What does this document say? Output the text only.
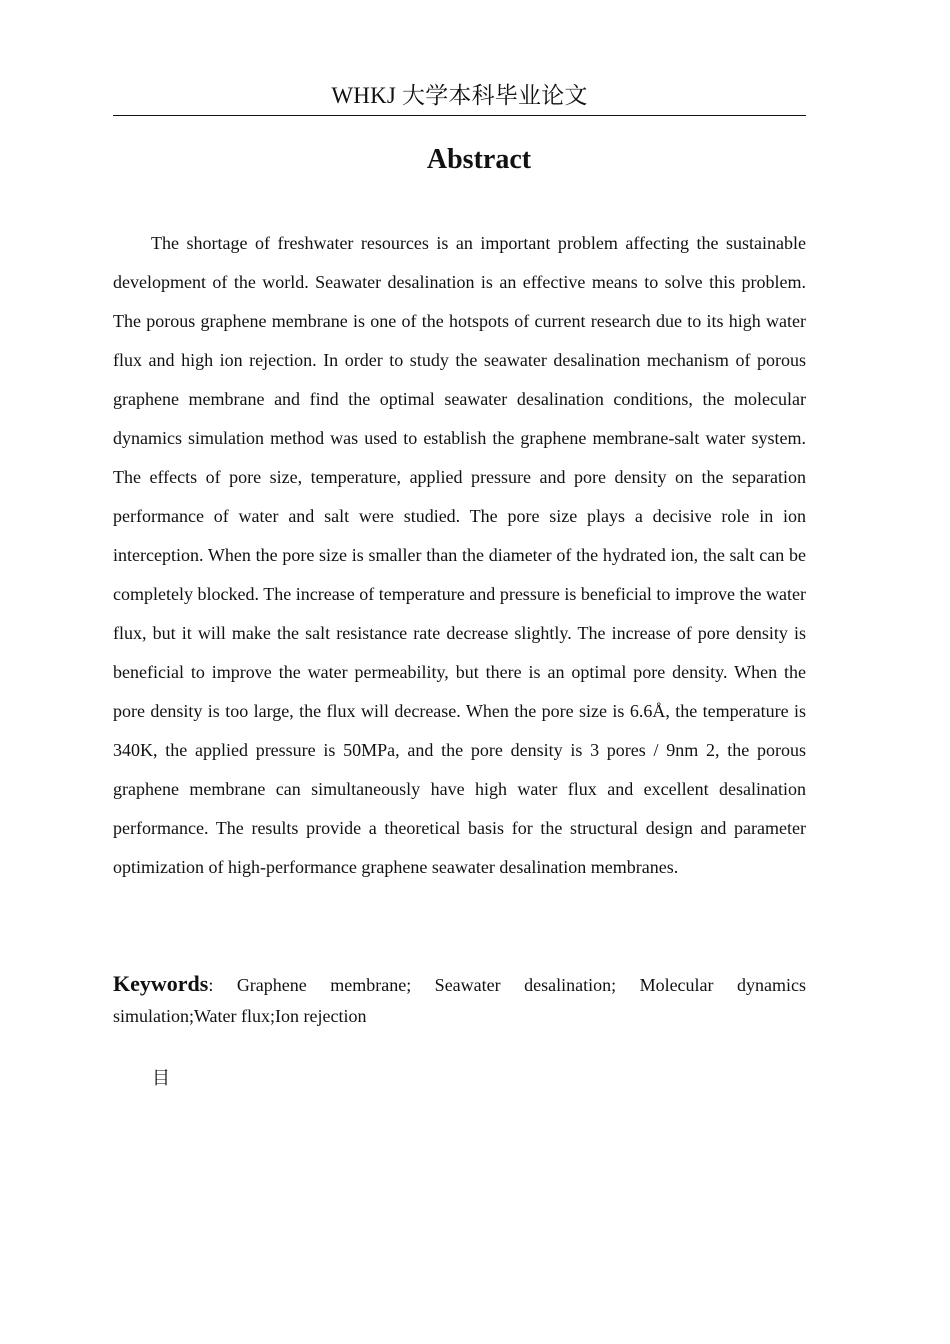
WHKJ 大学本科毕业论文
Abstract

The shortage of freshwater resources is an important problem affecting the sustainable development of the world. Seawater desalination is an effective means to solve this problem. The porous graphene membrane is one of the hotspots of current research due to its high water flux and high ion rejection. In order to study the seawater desalination mechanism of porous graphene membrane and find the optimal seawater desalination conditions, the molecular dynamics simulation method was used to establish the graphene membrane-salt water system. The effects of pore size, temperature, applied pressure and pore density on the separation performance of water and salt were studied. The pore size plays a decisive role in ion interception. When the pore size is smaller than the diameter of the hydrated ion, the salt can be completely blocked. The increase of temperature and pressure is beneficial to improve the water flux, but it will make the salt resistance rate decrease slightly. The increase of pore density is beneficial to improve the water permeability, but there is an optimal pore density. When the pore density is too large, the flux will decrease. When the pore size is 6.6Å, the temperature is 340K, the applied pressure is 50MPa, and the pore density is 3 pores / 9nm 2, the porous graphene membrane can simultaneously have high water flux and excellent desalination performance. The results provide a theoretical basis for the structural design and parameter optimization of high-performance graphene seawater desalination membranes.

Keywords: Graphene membrane; Seawater desalination; Molecular dynamics simulation;Water flux;Ion rejection

目
